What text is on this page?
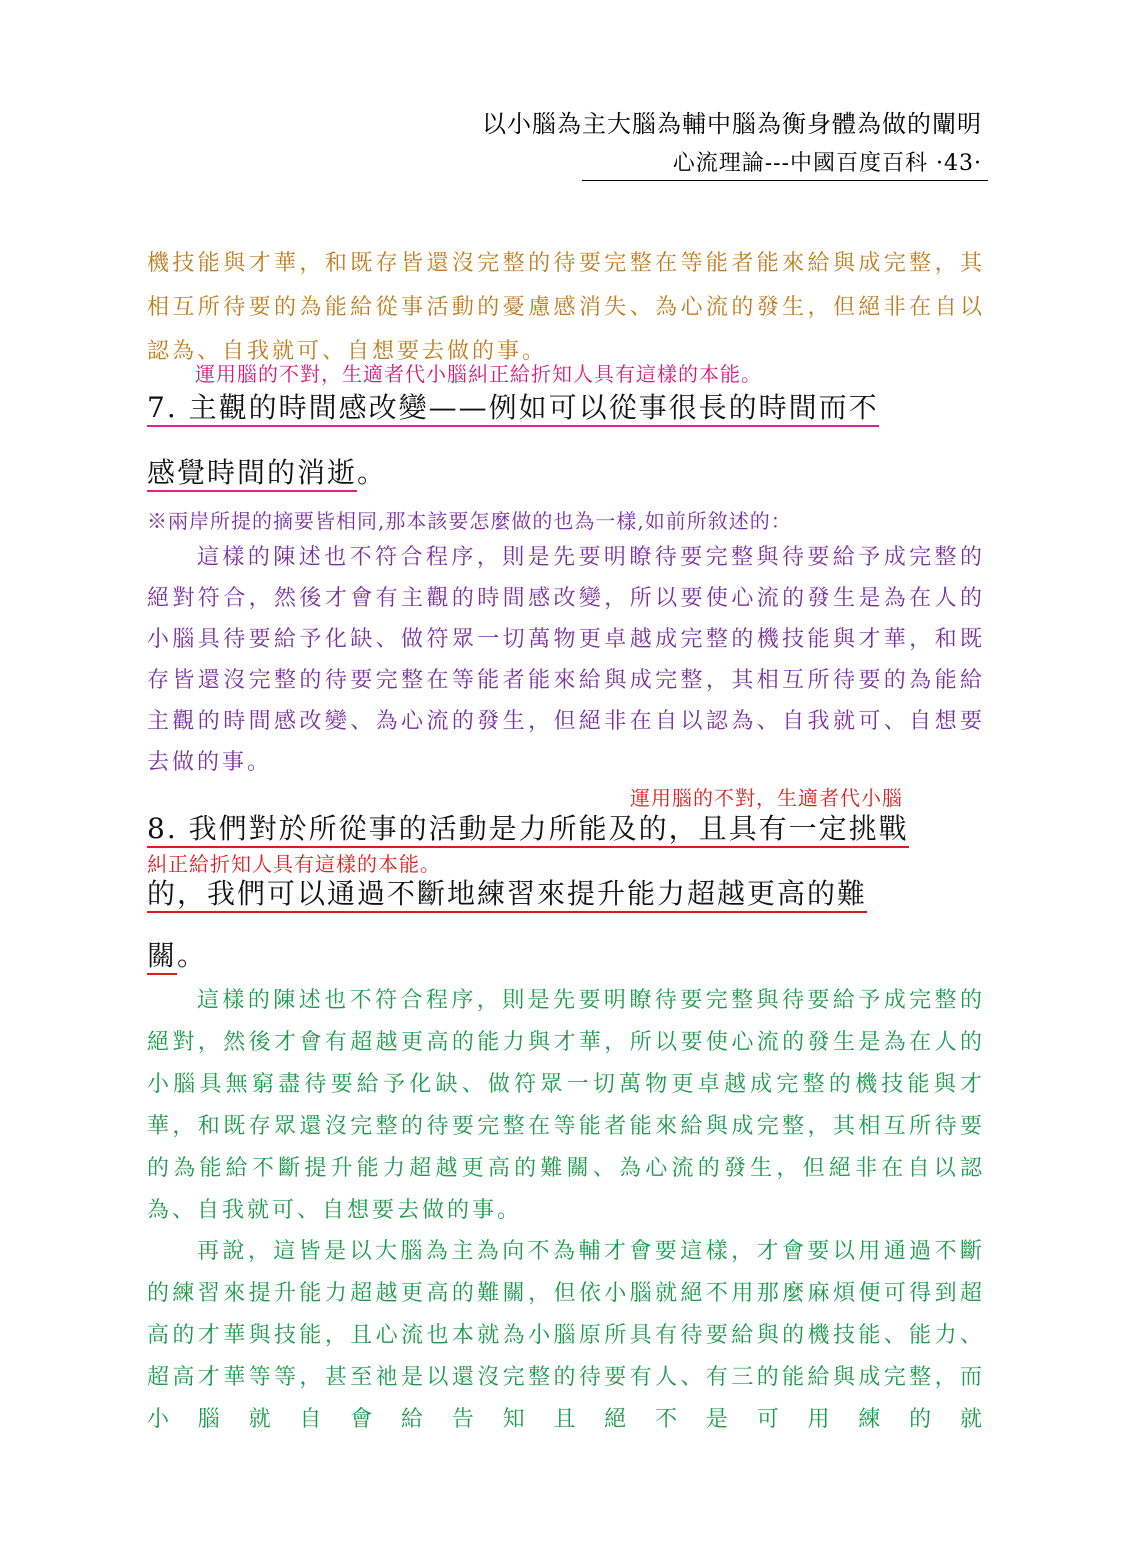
以小腦為主大腦為輔中腦為衡身體為做的闡明
心流理論---中國百度百科 ·43·
機技能與才華，和既存皆還沒完整的待要完整在等能者能來給與成完整，其相互所待要的為能給從事活動的憂慮感消失、為心流的發生，但絕非在自以認為、自我就可、自想要去做的事。
運用腦的不對，生適者代小腦糾正給折知人具有這樣的本能。
7. 主觀的時間感改變——例如可以從事很長的時間而不
感覺時間的消逝。
※兩岸所提的摘要皆相同,那本該要怎麼做的也為一樣,如前所敘述的：
這樣的陳述也不符合程序，則是先要明瞭待要完整與待要給予成完整的絕對符合，然後才會有主觀的時間感改變，所以要使心流的發生是為在人的小腦具待要給予化缺、做符眾一切萬物更卓越成完整的機技能與才華，和既存皆還沒完整的待要完整在等能者能來給與成完整，其相互所待要的為能給主觀的時間感改變、為心流的發生，但絕非在自以認為、自我就可、自想要去做的事。
運用腦的不對，生適者代小腦
8. 我們對於所從事的活動是力所能及的，且具有一定挑戰
糾正給折知人具有這樣的本能。
的，我們可以通過不斷地練習來提升能力超越更高的難
關。
這樣的陳述也不符合程序，則是先要明瞭待要完整與待要給予成完整的絕對，然後才會有超越更高的能力與才華，所以要使心流的發生是為在人的小腦具無窮盡待要給予化缺、做符眾一切萬物更卓越成完整的機技能與才華，和既存眾還沒完整的待要完整在等能者能來給與成完整，其相互所待要的為能給不斷提升能力超越更高的難關、為心流的發生，但絕非在自以認為、自我就可、自想要去做的事。
再說，這皆是以大腦為主為向不為輔才會要這樣，才會要以用通過不斷的練習來提升能力超越更高的難關，但依小腦就絕不用那麼麻煩便可得到超高的才華與技能，且心流也本就為小腦原所具有待要給與的機技能、能力、超高才華等等，甚至祂是以還沒完整的待要有人、有三的能給與成完整，而小腦就自會給告知且絕不是可用練的就
